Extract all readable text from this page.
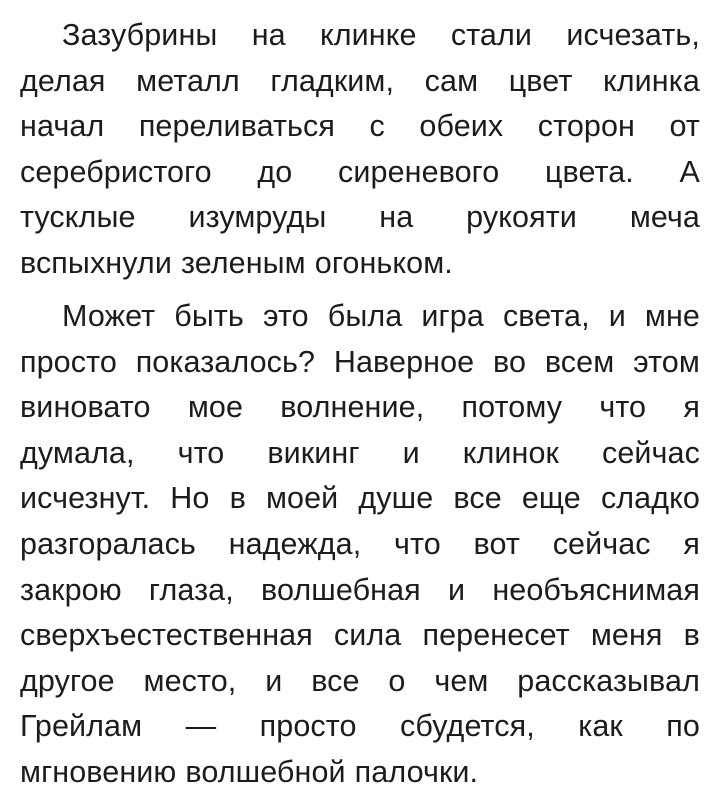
Зазубрины на клинке стали исчезать,
делая металл гладким, сам цвет клинка
начал переливаться с обеих сторон от
серебристого до сиреневого цвета. А
тусклые изумруды на рукояти меча
вспыхнули зеленым огоньком.
Может быть это была игра света, и мне
просто показалось? Наверное во всем этом
виновато мое волнение, потому что я
думала, что викинг и клинок сейчас
исчезнут. Но в моей душе все еще сладко
разгоралась надежда, что вот сейчас я
закрою глаза, волшебная и необъяснимая
сверхъестественная сила перенесет меня в
другое место, и все о чем рассказывал
Грейлам — просто сбудется, как по
мгновению волшебной палочки.
